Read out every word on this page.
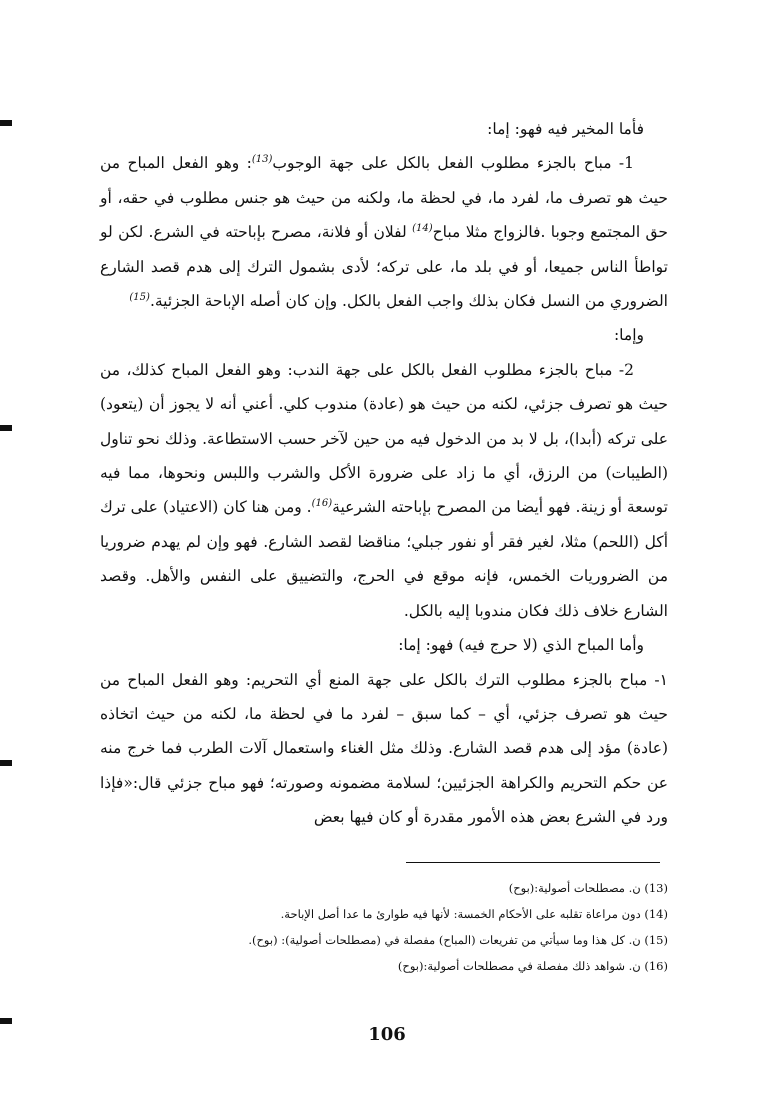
فأما المخير فيه فهو: إما:

1- مباح بالجزء مطلوب الفعل بالكل على جهة الوجوب$^{(13)}$: وهو الفعل المباح من حيث هو تصرف ما، لفرد ما، في لحظة ما، ولكنه من حيث هو جنس مطلوب في حقه، أو حق المجتمع وجوبا .فالزواج مثلا مباح$^{(14)}$ لفلان أو فلانة، مصرح بإباحته في الشرع. لكن لو تواطأ الناس جميعا، أو في بلد ما، على تركه؛ لأدى بشمول الترك إلى هدم قصد الشارع الضروري من النسل فكان بذلك واجب الفعل بالكل. وإن كان أصله الإباحة الجزئية.$^{(15)}$

وإما:

2- مباح بالجزء مطلوب الفعل بالكل على جهة الندب: وهو الفعل المباح كذلك، من حيث هو تصرف جزئي، لكنه من حيث هو (عادة) مندوب كلي. أعني أنه لا يجوز أن (يتعود) على تركه (أبدا)، بل لا بد من الدخول فيه من حين لآخر حسب الاستطاعة. وذلك نحو تناول (الطيبات) من الرزق، أي ما زاد على ضرورة الأكل والشرب واللبس ونحوها، مما فيه توسعة أو زينة. فهو أيضا من المصرح بإباحته الشرعية$^{(16)}$. ومن هنا كان (الاعتياد) على ترك أكل (اللحم) مثلا، لغير فقر أو نفور جبلي؛ مناقضا لقصد الشارع. فهو وإن لم يهدم ضروريا من الضروريات الخمس، فإنه موقع في الحرج، والتضييق على النفس والأهل. وقصد الشارع خلاف ذلك فكان مندوبا إليه بالكل.

وأما المباح الذي (لا حرج فيه) فهو: إما:

١- مباح بالجزء مطلوب الترك بالكل على جهة المنع أي التحريم: وهو الفعل المباح من حيث هو تصرف جزئي، أي – كما سبق – لفرد ما في لحظة ما، لكنه من حيث اتخاذه (عادة) مؤد إلى هدم قصد الشارع. وذلك مثل الغناء واستعمال آلات الطرب فما خرج منه عن حكم التحريم والكراهة الجزئيين؛ لسلامة مضمونه وصورته؛ فهو مباح جزئي قال:«فإذا ورد في الشرع بعض هذه الأمور مقدرة أو كان فيها بعض

(13) ن. مصطلحات أصولية:(بوح)
(14) دون مراعاة تقلبه على الأحكام الخمسة: لأنها فيه طوارئ ما عدا أصل الإباحة.
(15) ن. كل هذا وما سيأتي من تفريعات (المباح) مفصلة في (مصطلحات أصولية): (بوح).
(16) ن. شواهد ذلك مفصلة في مصطلحات أصولية:(بوح)
106
